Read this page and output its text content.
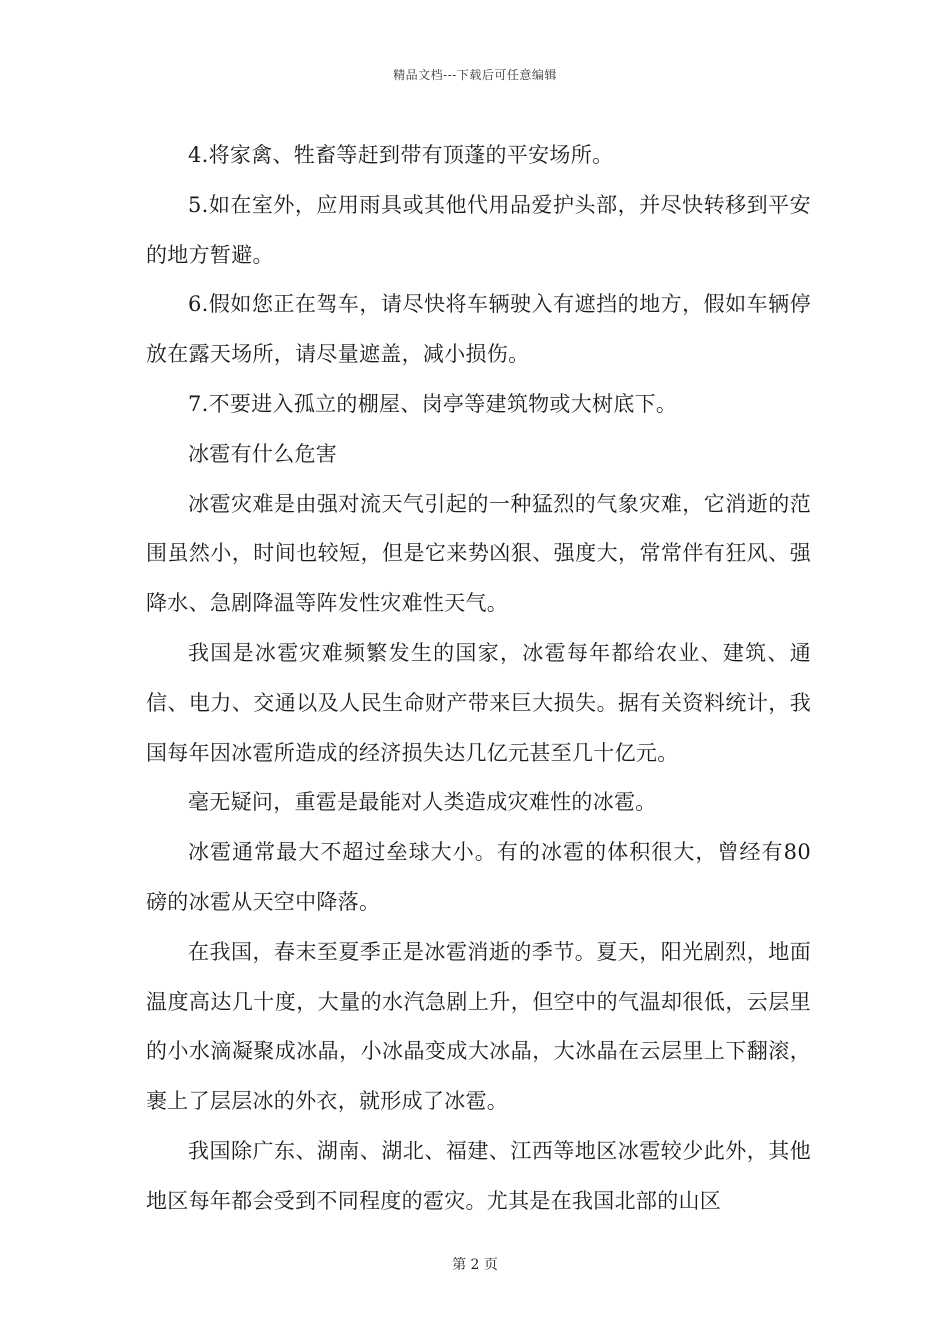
精品文档---下载后可任意编辑

4.将家禽、牲畜等赶到带有顶蓬的平安场所。

5.如在室外，应用雨具或其他代用品爱护头部，并尽快转移到平安的地方暂避。

6.假如您正在驾车，请尽快将车辆驶入有遮挡的地方，假如车辆停放在露天场所，请尽量遮盖，减小损伤。

7.不要进入孤立的棚屋、岗亭等建筑物或大树底下。

冰雹有什么危害

冰雹灾难是由强对流天气引起的一种猛烈的气象灾难，它消逝的范围虽然小，时间也较短，但是它来势凶狠、强度大，常常伴有狂风、强降水、急剧降温等阵发性灾难性天气。

我国是冰雹灾难频繁发生的国家，冰雹每年都给农业、建筑、通信、电力、交通以及人民生命财产带来巨大损失。据有关资料统计，我国每年因冰雹所造成的经济损失达几亿元甚至几十亿元。

毫无疑问，重雹是最能对人类造成灾难性的冰雹。

冰雹通常最大不超过垒球大小。有的冰雹的体积很大，曾经有80磅的冰雹从天空中降落。

在我国，春末至夏季正是冰雹消逝的季节。夏天，阳光剧烈，地面温度高达几十度，大量的水汽急剧上升，但空中的气温却很低，云层里的小水滴凝聚成冰晶，小冰晶变成大冰晶，大冰晶在云层里上下翻滚，裹上了层层冰的外衣，就形成了冰雹。

我国除广东、湖南、湖北、福建、江西等地区冰雹较少此外，其他地区每年都会受到不同程度的雹灾。尤其是在我国北部的山区

第 2 页
